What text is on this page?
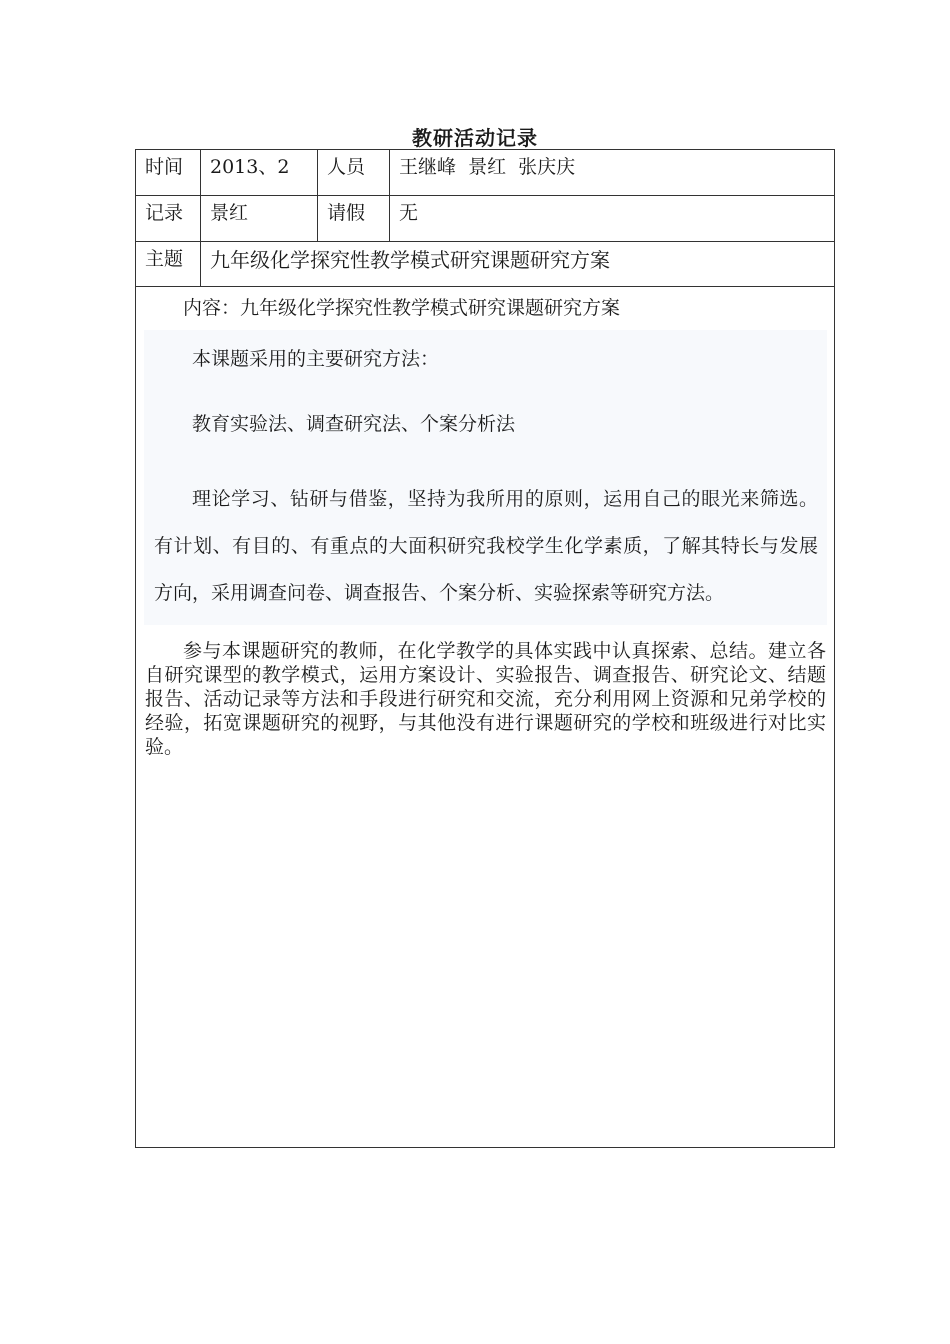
教研活动记录
时间	2013、2	人员	王继峰  景红  张庆庆
记录	景红	请假	无
主题	九年级化学探究性教学模式研究课题研究方案		

内容：九年级化学探究性教学模式研究课题研究方案

本课题采用的主要研究方法：

教育实验法、调查研究法、个案分析法

理论学习、钻研与借鉴，坚持为我所用的原则，运用自己的眼光来筛选。有计划、有目的、有重点的大面积研究我校学生化学素质，了解其特长与发展方向，采用调查问卷、调查报告、个案分析、实验探索等研究方法。

参与本课题研究的教师，在化学教学的具体实践中认真探索、总结。建立各自研究课型的教学模式，运用方案设计、实验报告、调查报告、研究论文、结题报告、活动记录等方法和手段进行研究和交流，充分利用网上资源和兄弟学校的经验，拓宽课题研究的视野，与其他没有进行课题研究的学校和班级进行对比实验。			
